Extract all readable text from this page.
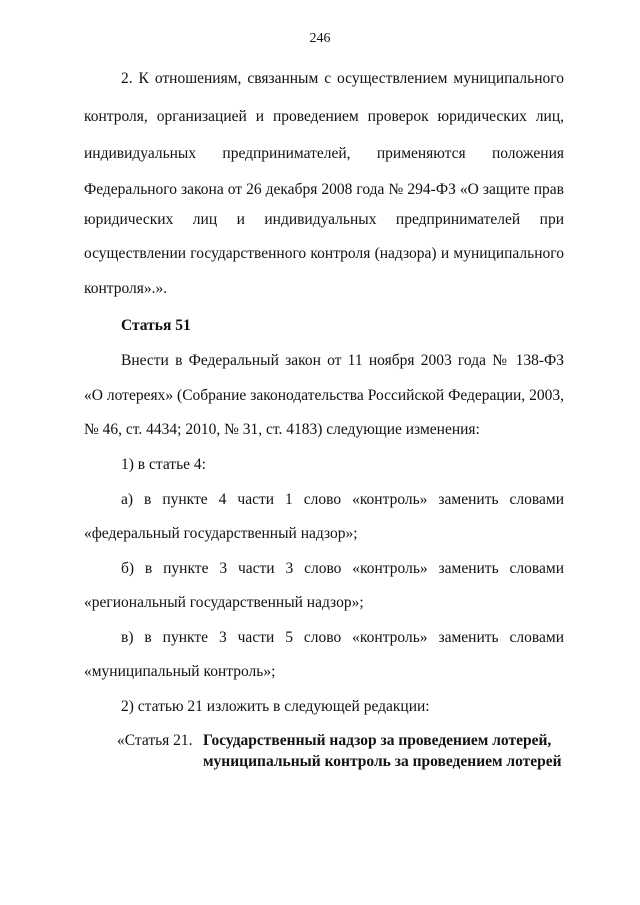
246
2. К отношениям, связанным с осуществлением муниципального
контроля, организацией и проведением проверок юридических лиц,
индивидуальных предпринимателей, применяются положения
Федерального закона от 26 декабря 2008 года № 294-ФЗ «О защите прав
юридических лиц и индивидуальных предпринимателей при
осуществлении государственного контроля (надзора) и муниципального
контроля».».
Статья 51
Внести в Федеральный закон от 11 ноября 2003 года № 138-ФЗ
«О лотереях» (Собрание законодательства Российской Федерации, 2003,
№ 46, ст. 4434; 2010, № 31, ст. 4183) следующие изменения:
1) в статье 4:
а) в пункте 4 части 1 слово «контроль» заменить словами
«федеральный государственный надзор»;
б) в пункте 3 части 3 слово «контроль» заменить словами
«региональный государственный надзор»;
в) в пункте 3 части 5 слово «контроль» заменить словами
«муниципальный контроль»;
2) статью 21 изложить в следующей редакции:
«Статья 21. Государственный надзор за проведением лотерей,
муниципальный контроль за проведением лотерей
